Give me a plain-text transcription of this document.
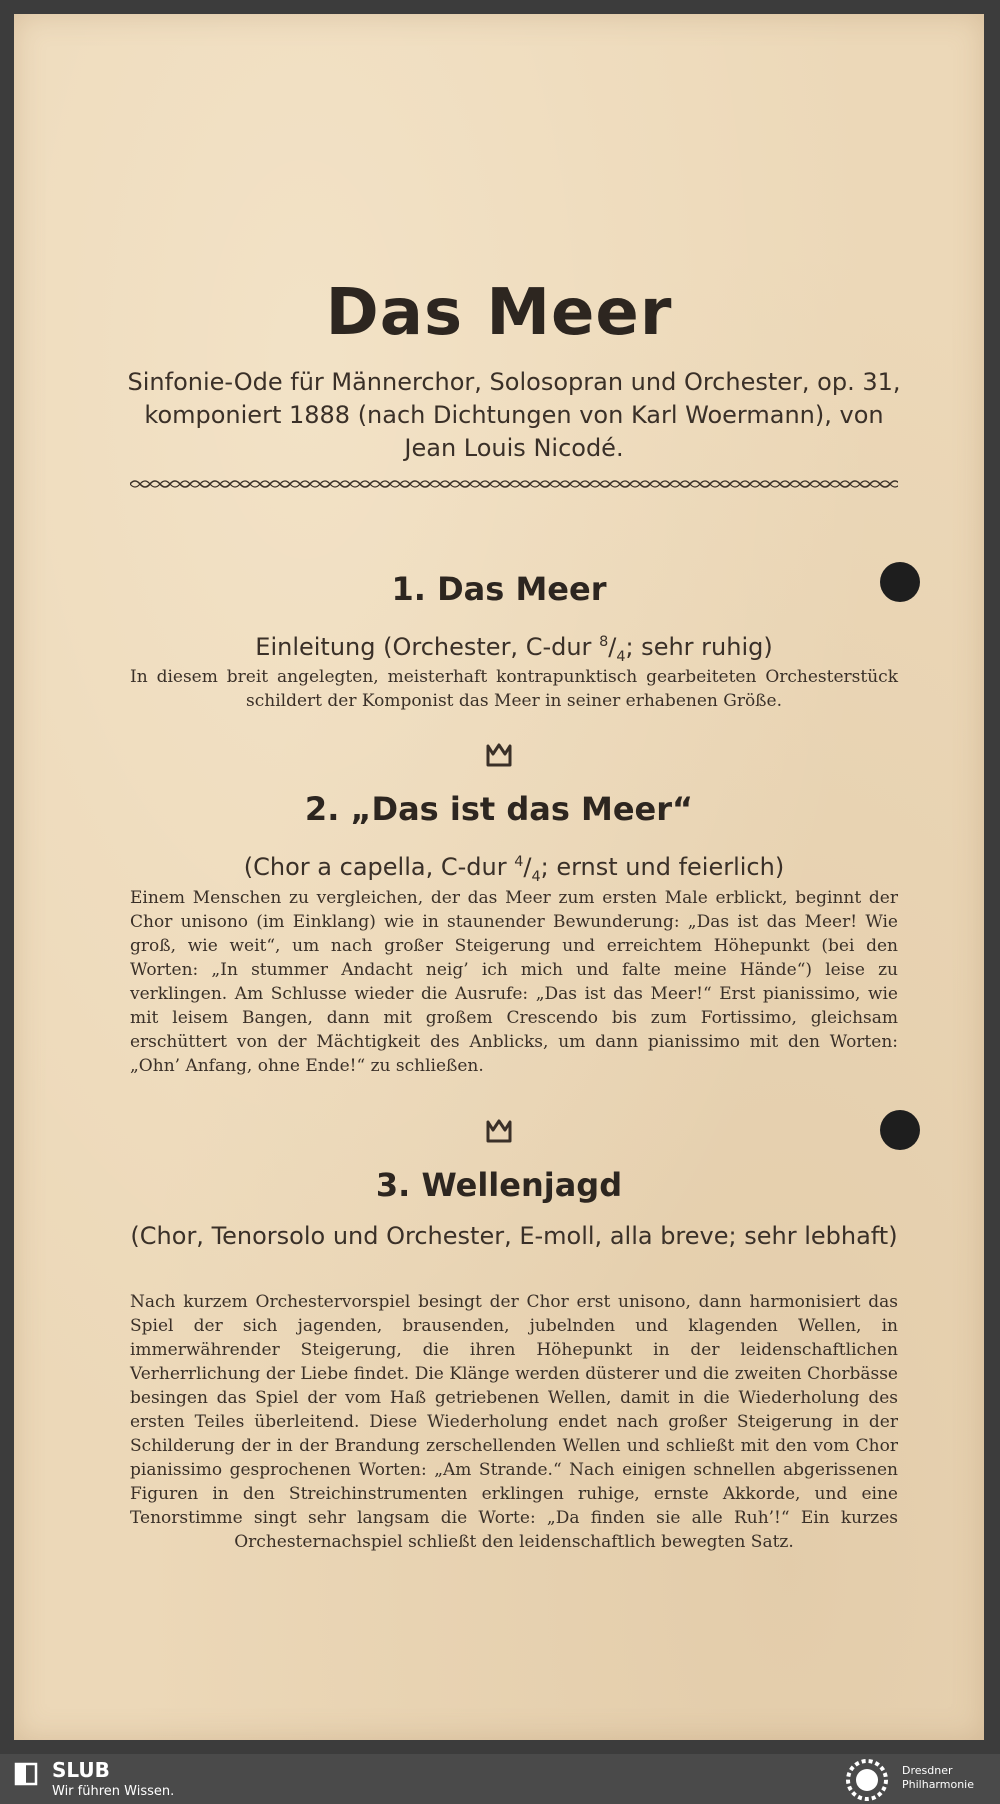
Das Meer

Sinfonie-Ode für Männerchor, Solosopran und Orchester, op. 31, komponiert 1888 (nach Dichtungen von Karl Woermann), von Jean Louis Nicodé.

1. Das Meer

Einleitung (Orchester, C-dur $^8/_4$; sehr ruhig)

In diesem breit angelegten, meisterhaft kontrapunktisch gearbeiteten Orchesterstück schildert der Komponist das Meer in seiner erhabenen Größe.

2. „Das ist das Meer“

(Chor a capella, C-dur $^4/_4$; ernst und feierlich)

Einem Menschen zu vergleichen, der das Meer zum ersten Male erblickt, beginnt der Chor unisono (im Einklang) wie in staunender Bewunderung: „Das ist das Meer! Wie groß, wie weit“, um nach großer Steigerung und erreichtem Höhepunkt (bei den Worten: „In stummer Andacht neig’ ich mich und falte meine Hände“) leise zu verklingen. Am Schlusse wieder die Ausrufe: „Das ist das Meer!“ Erst pianissimo, wie mit leisem Bangen, dann mit großem Crescendo bis zum Fortissimo, gleichsam erschüttert von der Mächtigkeit des Anblicks, um dann pianissimo mit den Worten: „Ohn’ Anfang, ohne Ende!“ zu schließen.

3. Wellenjagd

(Chor, Tenorsolo und Orchester, E-moll, alla breve; sehr lebhaft)

Nach kurzem Orchestervorspiel besingt der Chor erst unisono, dann harmonisiert das Spiel der sich jagenden, brausenden, jubelnden und klagenden Wellen, in immerwährender Steigerung, die ihren Höhepunkt in der leidenschaftlichen Verherrlichung der Liebe findet. Die Klänge werden düsterer und die zweiten Chorbässe besingen das Spiel der vom Haß getriebenen Wellen, damit in die Wiederholung des ersten Teiles überleitend. Diese Wiederholung endet nach großer Steigerung in der Schilderung der in der Brandung zerschellenden Wellen und schließt mit den vom Chor pianissimo gesprochenen Worten: „Am Strande.“ Nach einigen schnellen abgerissenen Figuren in den Streichinstrumenten erklingen ruhige, ernste Akkorde, und eine Tenorstimme singt sehr langsam die Worte: „Da finden sie alle Ruh’!“ Ein kurzes Orchesternachspiel schließt den leidenschaftlich bewegten Satz.

SLUB

Wir führen Wissen.

Dresdner
Philharmonie
